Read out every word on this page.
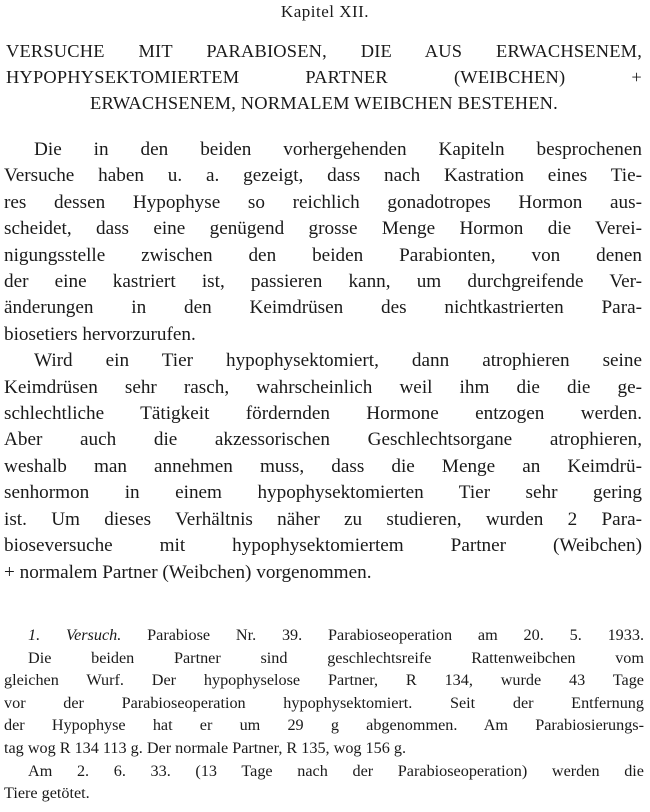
Kapitel XII.
VERSUCHE MIT PARABIOSEN, DIE AUS ERWACHSENEM,
HYPOPHYSEKTOMIERTEM PARTNER (WEIBCHEN) +
ERWACHSENEM, NORMALEM WEIBCHEN BESTEHEN.
Die in den beiden vorhergehenden Kapiteln besprochenen
Versuche haben u. a. gezeigt, dass nach Kastration eines Tie-
res dessen Hypophyse so reichlich gonadotropes Hormon aus-
scheidet, dass eine genügend grosse Menge Hormon die Verei-
nigungsstelle zwischen den beiden Parabionten, von denen
der eine kastriert ist, passieren kann, um durchgreifende Ver-
änderungen in den Keimdrüsen des nichtkastrierten Para-
biosetiers hervorzurufen.
Wird ein Tier hypophysektomiert, dann atrophieren seine
Keimdrüsen sehr rasch, wahrscheinlich weil ihm die die ge-
schlechtliche Tätigkeit fördernden Hormone entzogen werden.
Aber auch die akzessorischen Geschlechtsorgane atrophieren,
weshalb man annehmen muss, dass die Menge an Keimdrü-
senhormon in einem hypophysektomierten Tier sehr gering
ist. Um dieses Verhältnis näher zu studieren, wurden 2 Para-
bioseversuche mit hypophysektomiertem Partner (Weibchen)
+ normalem Partner (Weibchen) vorgenommen.
1. Versuch. Parabiose Nr. 39. Parabioseoperation am 20. 5. 1933.
Die beiden Partner sind geschlechtsreife Rattenweibchen vom
gleichen Wurf. Der hypophyselose Partner, R 134, wurde 43 Tage
vor der Parabioseoperation hypophysektomiert. Seit der Entfernung
der Hypophyse hat er um 29 g abgenommen. Am Parabiosierungs-
tag wog R 134 113 g. Der normale Partner, R 135, wog 156 g.
Am 2. 6. 33. (13 Tage nach der Parabioseoperation) werden die
Tiere getötet.
